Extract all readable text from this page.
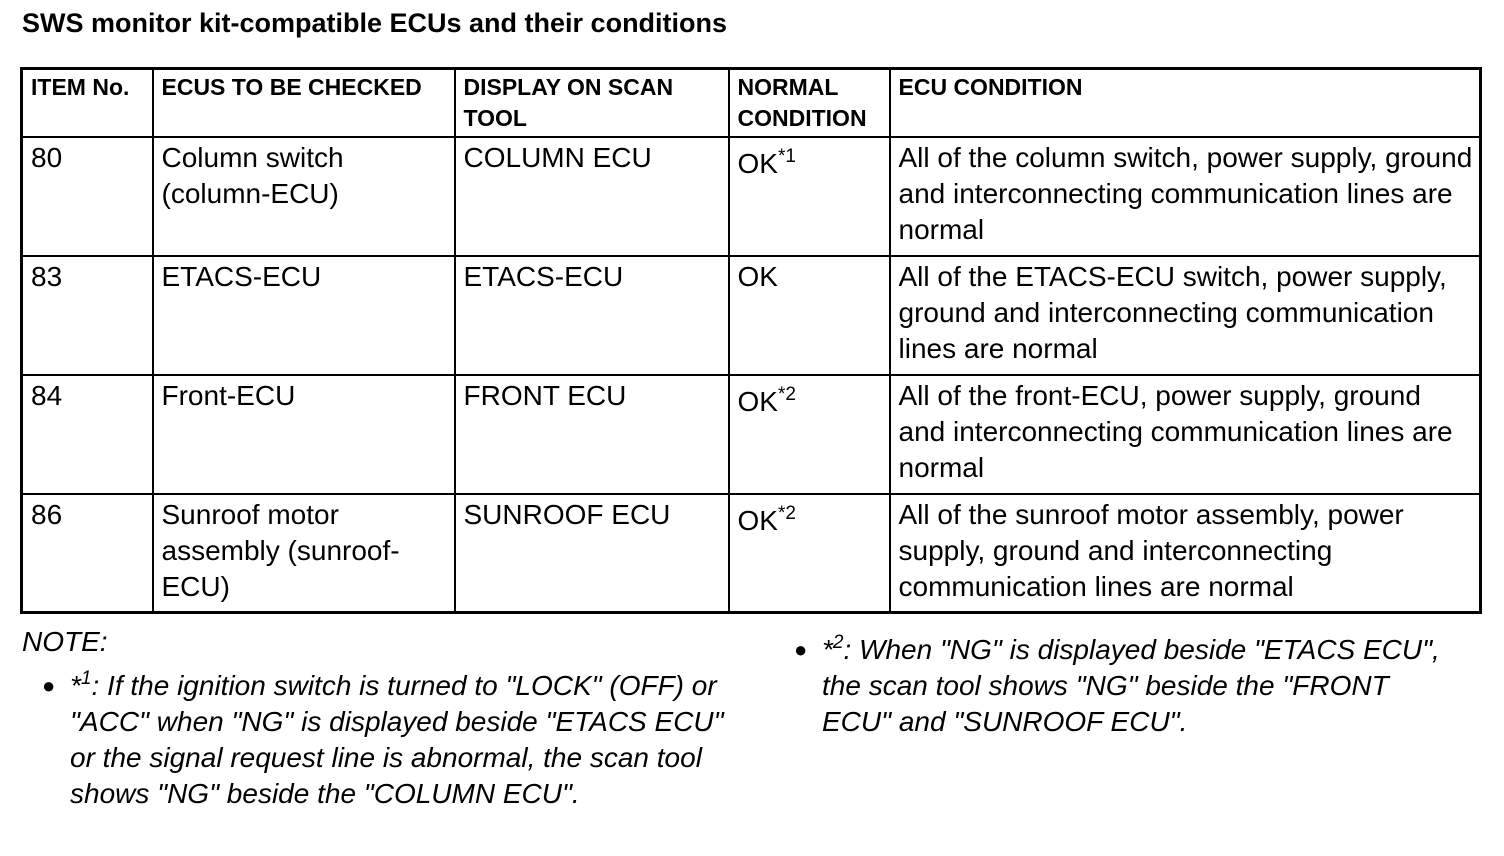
SWS monitor kit-compatible ECUs and their conditions
ITEM No.	ECUS TO BE CHECKED	DISPLAY ON SCAN TOOL	NORMAL CONDITION	ECU CONDITION
80	Column switch (column-ECU)	COLUMN ECU	OK$^{*1}$	All of the column switch, power supply, ground and interconnecting communication lines are normal
83	ETACS-ECU	ETACS-ECU	OK	All of the ETACS-ECU switch, power supply, ground and interconnecting communication lines are normal
84	Front-ECU	FRONT ECU	OK$^{*2}$	All of the front-ECU, power supply, ground and interconnecting communication lines are normal
86	Sunroof motor assembly (sunroof-ECU)	SUNROOF ECU	OK$^{*2}$	All of the sunroof motor assembly, power supply, ground and interconnecting communication lines are normal
NOTE:
● *$^1$: If the ignition switch is turned to "LOCK" (OFF) or "ACC" when "NG" is displayed beside "ETACS ECU" or the signal request line is abnormal, the scan tool shows "NG" beside the "COLUMN ECU".
● *$^2$: When "NG" is displayed beside "ETACS ECU", the scan tool shows "NG" beside the "FRONT ECU" and "SUNROOF ECU".
